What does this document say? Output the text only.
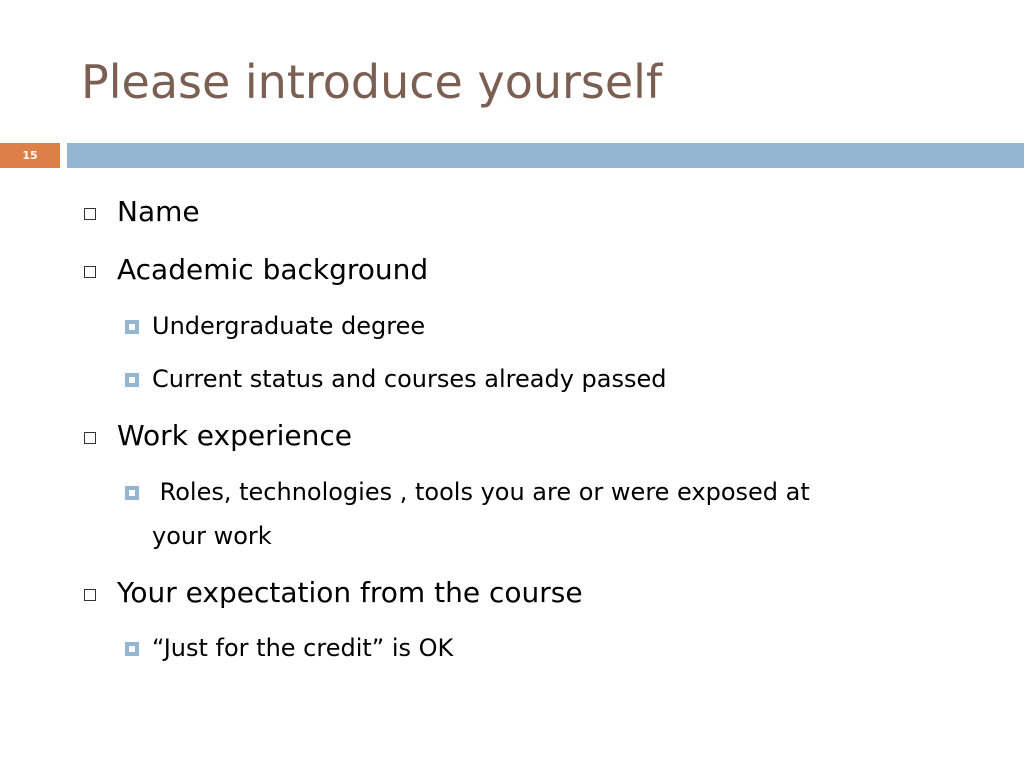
Please introduce yourself
15
Name
Academic background
Undergraduate degree
Current status and courses already passed
Work experience
Roles, technologies , tools you are or were exposed at
your work
Your expectation from the course
“Just for the credit” is OK
